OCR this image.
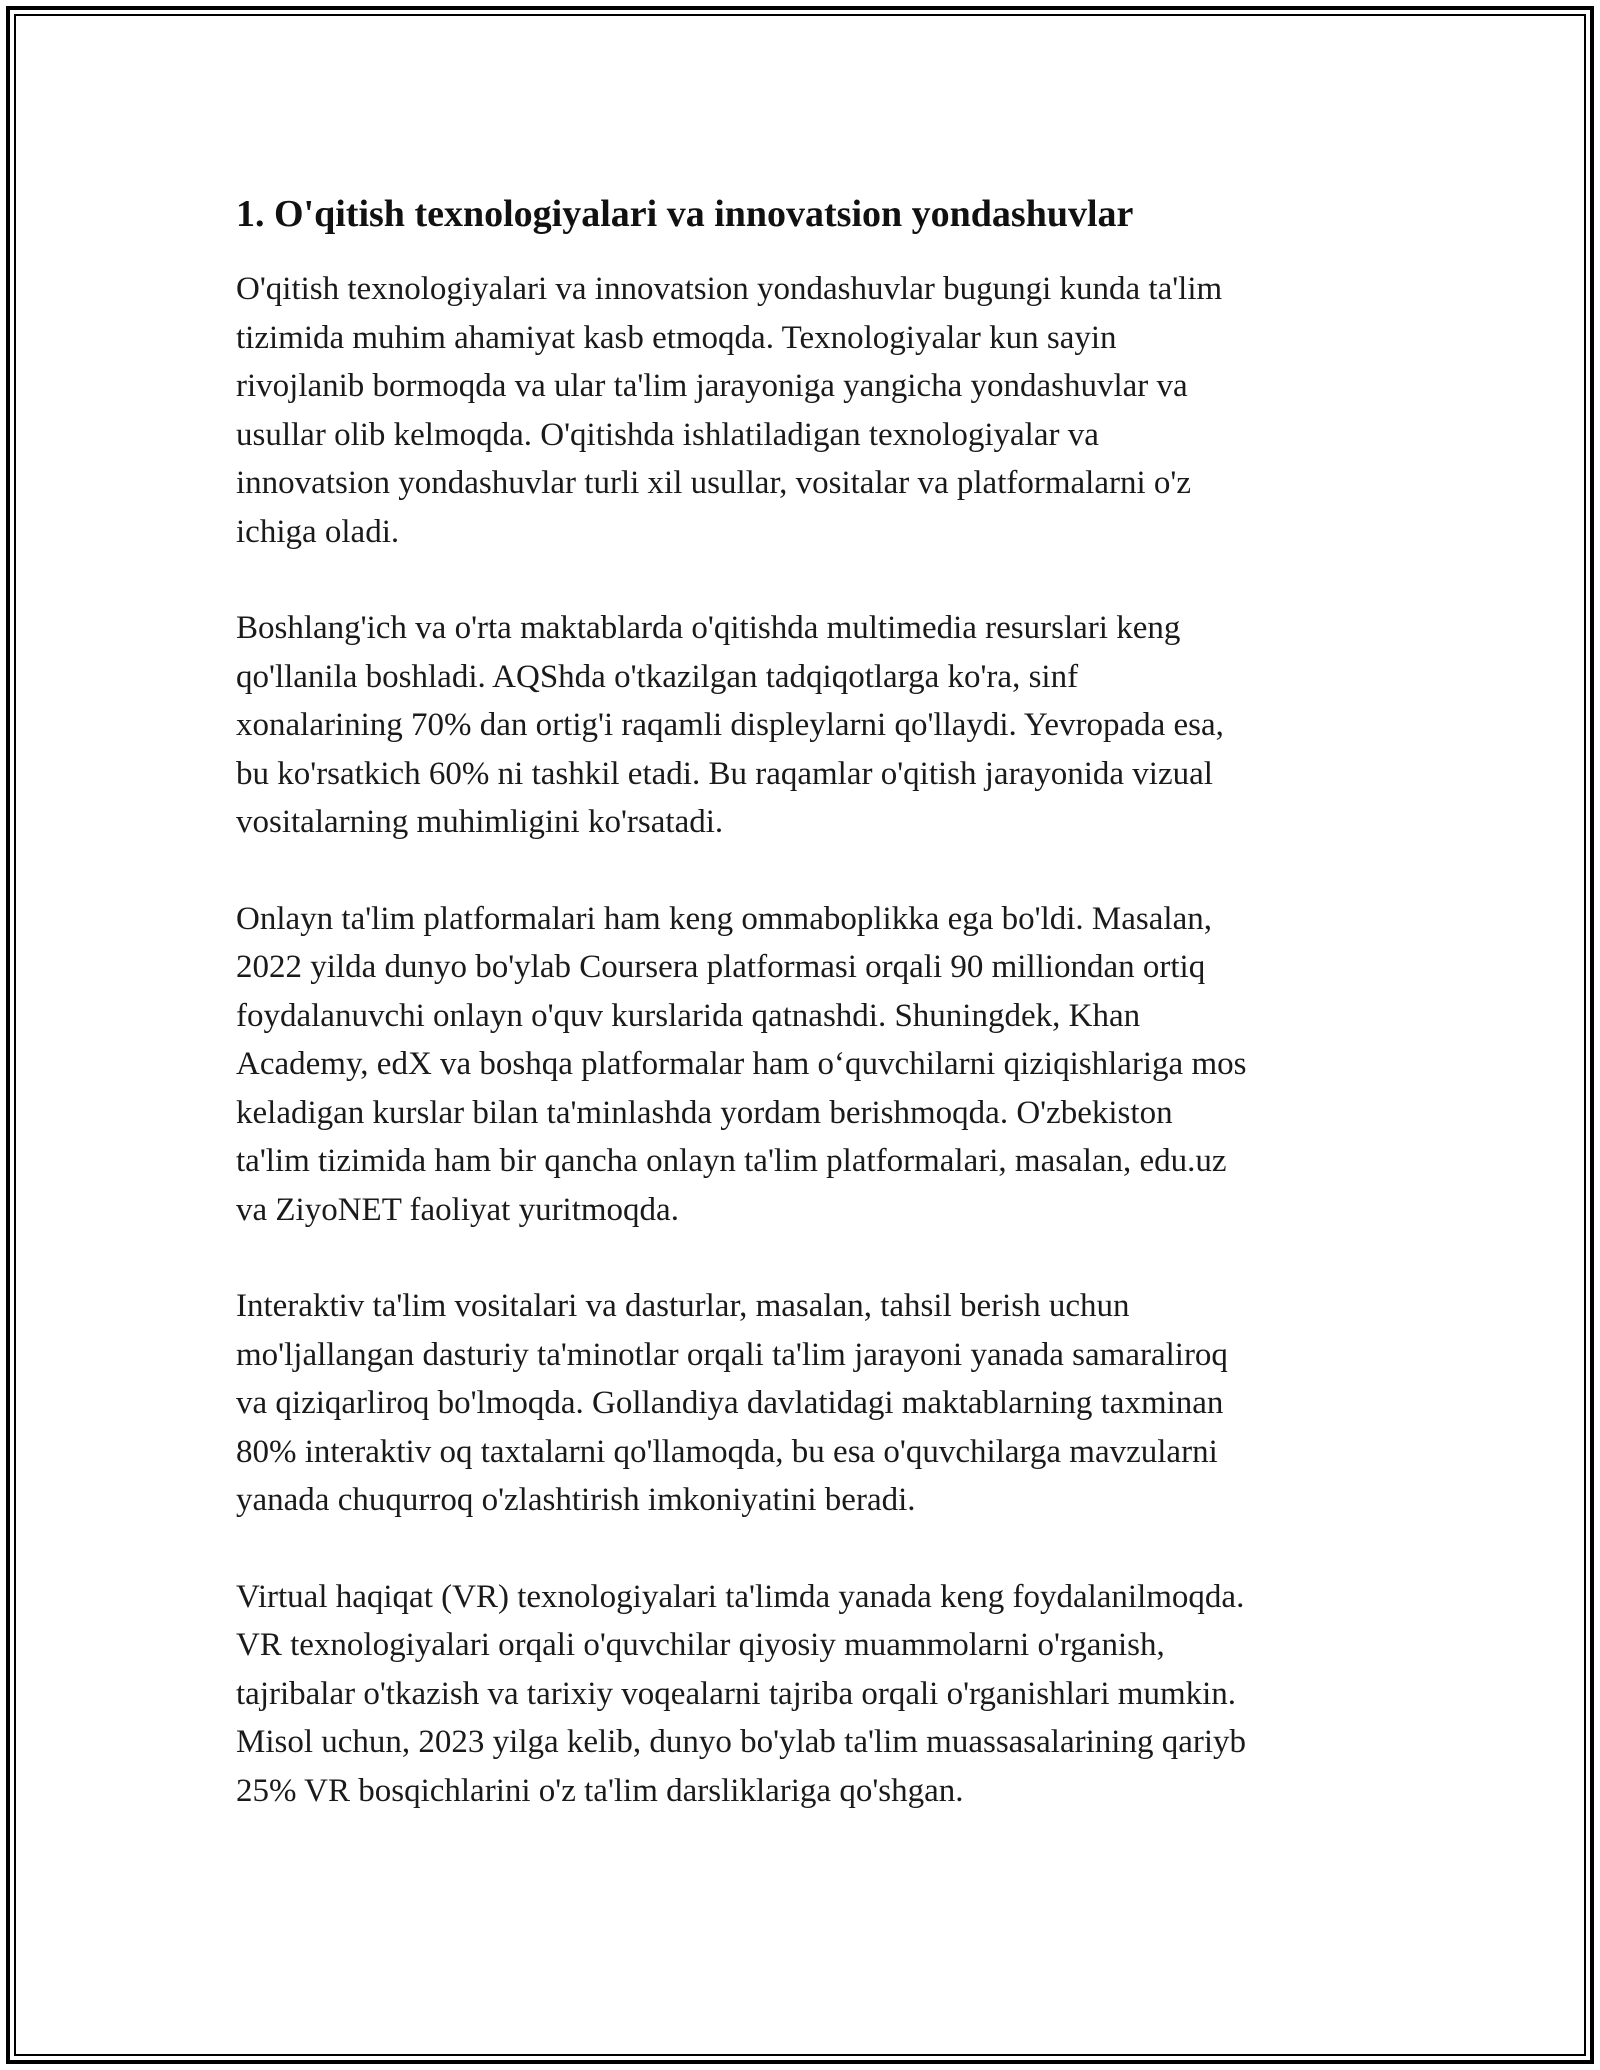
1. O'qitish texnologiyalari va innovatsion yondashuvlar

O'qitish texnologiyalari va innovatsion yondashuvlar bugungi kunda ta'lim
tizimida muhim ahamiyat kasb etmoqda. Texnologiyalar kun sayin
rivojlanib bormoqda va ular ta'lim jarayoniga yangicha yondashuvlar va
usullar olib kelmoqda. O'qitishda ishlatiladigan texnologiyalar va
innovatsion yondashuvlar turli xil usullar, vositalar va platformalarni o'z
ichiga oladi.

Boshlang'ich va o'rta maktablarda o'qitishda multimedia resurslari keng
qo'llanila boshladi. AQShda o'tkazilgan tadqiqotlarga ko'ra, sinf
xonalarining 70% dan ortig'i raqamli displeylarni qo'llaydi. Yevropada esa,
bu ko'rsatkich 60% ni tashkil etadi. Bu raqamlar o'qitish jarayonida vizual
vositalarning muhimligini ko'rsatadi.

Onlayn ta'lim platformalari ham keng ommaboplikka ega bo'ldi. Masalan,
2022 yilda dunyo bo'ylab Coursera platformasi orqali 90 milliondan ortiq
foydalanuvchi onlayn o'quv kurslarida qatnashdi. Shuningdek, Khan
Academy, edX va boshqa platformalar ham o‘quvchilarni qiziqishlariga mos
keladigan kurslar bilan ta'minlashda yordam berishmoqda. O'zbekiston
ta'lim tizimida ham bir qancha onlayn ta'lim platformalari, masalan, edu.uz
va ZiyoNET faoliyat yuritmoqda.

Interaktiv ta'lim vositalari va dasturlar, masalan, tahsil berish uchun
mo'ljallangan dasturiy ta'minotlar orqali ta'lim jarayoni yanada samaraliroq
va qiziqarliroq bo'lmoqda. Gollandiya davlatidagi maktablarning taxminan
80% interaktiv oq taxtalarni qo'llamoqda, bu esa o'quvchilarga mavzularni
yanada chuqurroq o'zlashtirish imkoniyatini beradi.

Virtual haqiqat (VR) texnologiyalari ta'limda yanada keng foydalanilmoqda.
VR texnologiyalari orqali o'quvchilar qiyosiy muammolarni o'rganish,
tajribalar o'tkazish va tarixiy voqealarni tajriba orqali o'rganishlari mumkin.
Misol uchun, 2023 yilga kelib, dunyo bo'ylab ta'lim muassasalarining qariyb
25% VR bosqichlarini o'z ta'lim darsliklariga qo'shgan.
